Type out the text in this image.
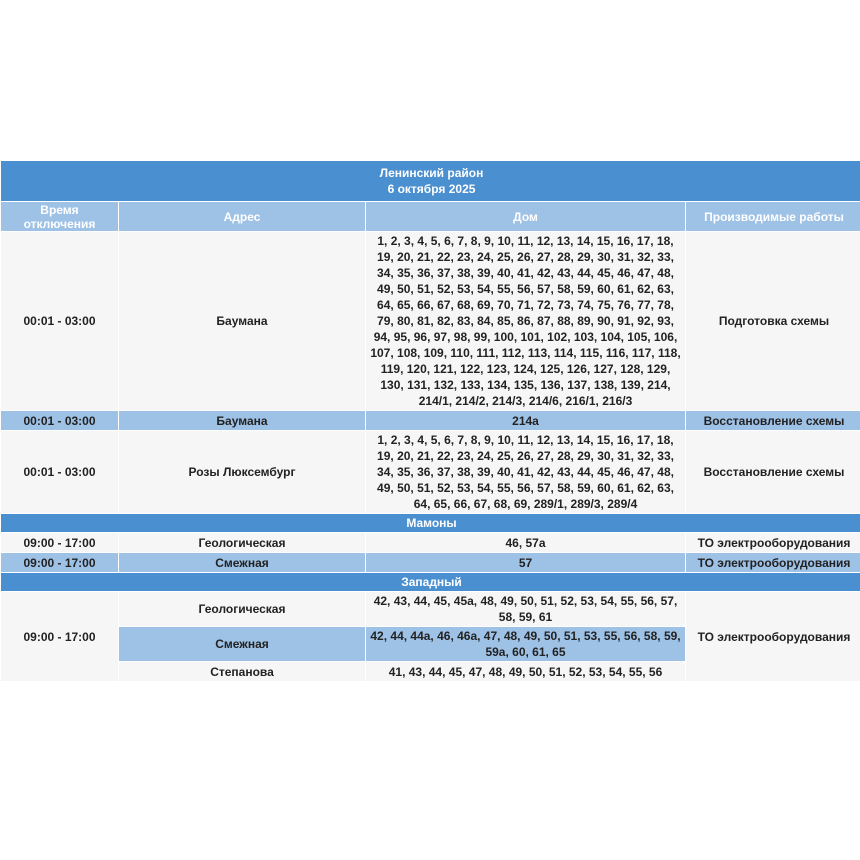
Ленинский район
6 октября 2025			

Время отключения	Адрес	Дом	Производимые работы
00:01 - 03:00	Баумана	1, 2, 3, 4, 5, 6, 7, 8, 9, 10, 11, 12, 13, 14, 15, 16, 17, 18, 19, 20, 21, 22, 23, 24, 25, 26, 27, 28, 29, 30, 31, 32, 33, 34, 35, 36, 37, 38, 39, 40, 41, 42, 43, 44, 45, 46, 47, 48, 49, 50, 51, 52, 53, 54, 55, 56, 57, 58, 59, 60, 61, 62, 63, 64, 65, 66, 67, 68, 69, 70, 71, 72, 73, 74, 75, 76, 77, 78, 79, 80, 81, 82, 83, 84, 85, 86, 87, 88, 89, 90, 91, 92, 93, 94, 95, 96, 97, 98, 99, 100, 101, 102, 103, 104, 105, 106, 107, 108, 109, 110, 111, 112, 113, 114, 115, 116, 117, 118, 119, 120, 121, 122, 123, 124, 125, 126, 127, 128, 129, 130, 131, 132, 133, 134, 135, 136, 137, 138, 139, 214, 214/1, 214/2, 214/3, 214/6, 216/1, 216/3	Подготовка схемы
00:01 - 03:00	Баумана	214а	Восстановление схемы
00:01 - 03:00	Розы Люксембург	1, 2, 3, 4, 5, 6, 7, 8, 9, 10, 11, 12, 13, 14, 15, 16, 17, 18, 19, 20, 21, 22, 23, 24, 25, 26, 27, 28, 29, 30, 31, 32, 33, 34, 35, 36, 37, 38, 39, 40, 41, 42, 43, 44, 45, 46, 47, 48, 49, 50, 51, 52, 53, 54, 55, 56, 57, 58, 59, 60, 61, 62, 63, 64, 65, 66, 67, 68, 69, 289/1, 289/3, 289/4	Восстановление схемы
Мамоны			
09:00 - 17:00	Геологическая	46, 57а	ТО электрооборудования
09:00 - 17:00	Смежная	57	ТО электрооборудования
Западный			
09:00 - 17:00	Геологическая	42, 43, 44, 45, 45а, 48, 49, 50, 51, 52, 53, 54, 55, 56, 57, 58, 59, 61	ТО электрооборудования
	Смежная	42, 44, 44а, 46, 46а, 47, 48, 49, 50, 51, 53, 55, 56, 58, 59, 59а, 60, 61, 65	
	Степанова	41, 43, 44, 45, 47, 48, 49, 50, 51, 52, 53, 54, 55, 56	
